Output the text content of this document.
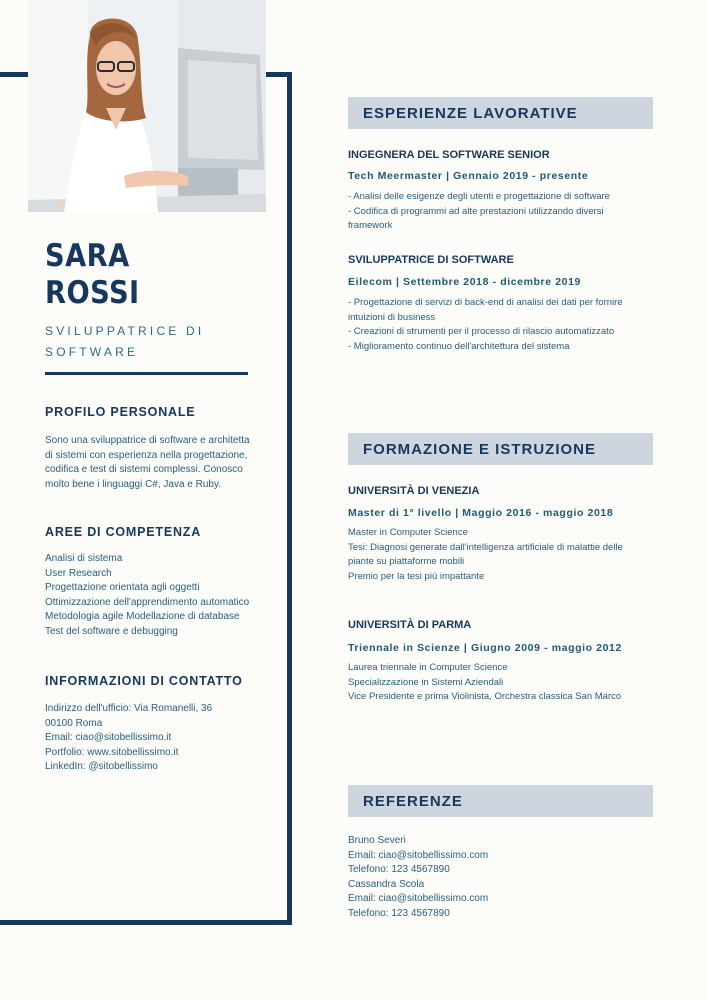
SARA
ROSSI
SVILUPPATRICE DI SOFTWARE
PROFILO PERSONALE
Sono una sviluppatrice di software e architetta di sistemi con esperienza nella progettazione, codifica e test di sistemi complessi. Conosco molto bene i linguaggi C#, Java e Ruby.
AREE DI COMPETENZA
Analisi di sistema
User Research
Progettazione orientata agli oggetti
Ottimizzazione dell'apprendimento automatico
Metodologia agile Modellazione di database
Test del software e debugging
INFORMAZIONI DI CONTATTO
Indirizzo dell'ufficio: Via Romanelli, 36
00100 Roma
Email: ciao@sitobellissimo.it
Portfolio: www.sitobellissimo.it
LinkedIn: @sitobellissimo
ESPERIENZE LAVORATIVE
INGEGNERA DEL SOFTWARE SENIOR
Tech Meermaster | Gennaio 2019 - presente
- Analisi delle esigenze degli utenti e progettazione di software
- Codifica di programmi ad alte prestazioni utilizzando diversi framework
SVILUPPATRICE DI SOFTWARE
Eilecom | Settembre 2018 - dicembre 2019
- Progettazione di servizi di back-end di analisi dei dati per fornire intuizioni di business
- Creazioni di strumenti per il processo di rilascio automatizzato
- Miglioramento continuo dell'architettura del sistema
FORMAZIONE E ISTRUZIONE
UNIVERSITÀ DI VENEZIA
Master di 1° livello | Maggio 2016 - maggio 2018
Master in Computer Science
Tesi: Diagnosi generate dall'intelligenza artificiale di malattie delle piante su piattaforme mobili
Premio per la tesi più impattante
UNIVERSITÀ DI PARMA
Triennale in Scienze | Giugno 2009 - maggio 2012
Laurea triennale in Computer Science
Specializzazione in Sistemi Aziendali
Vice Presidente e prima Violinista, Orchestra classica San Marco
REFERENZE
Bruno Severi
Email: ciao@sitobellissimo.com
Telefono: 123 4567890
Cassandra Scola
Email: ciao@sitobellissimo.com
Telefono: 123 4567890
